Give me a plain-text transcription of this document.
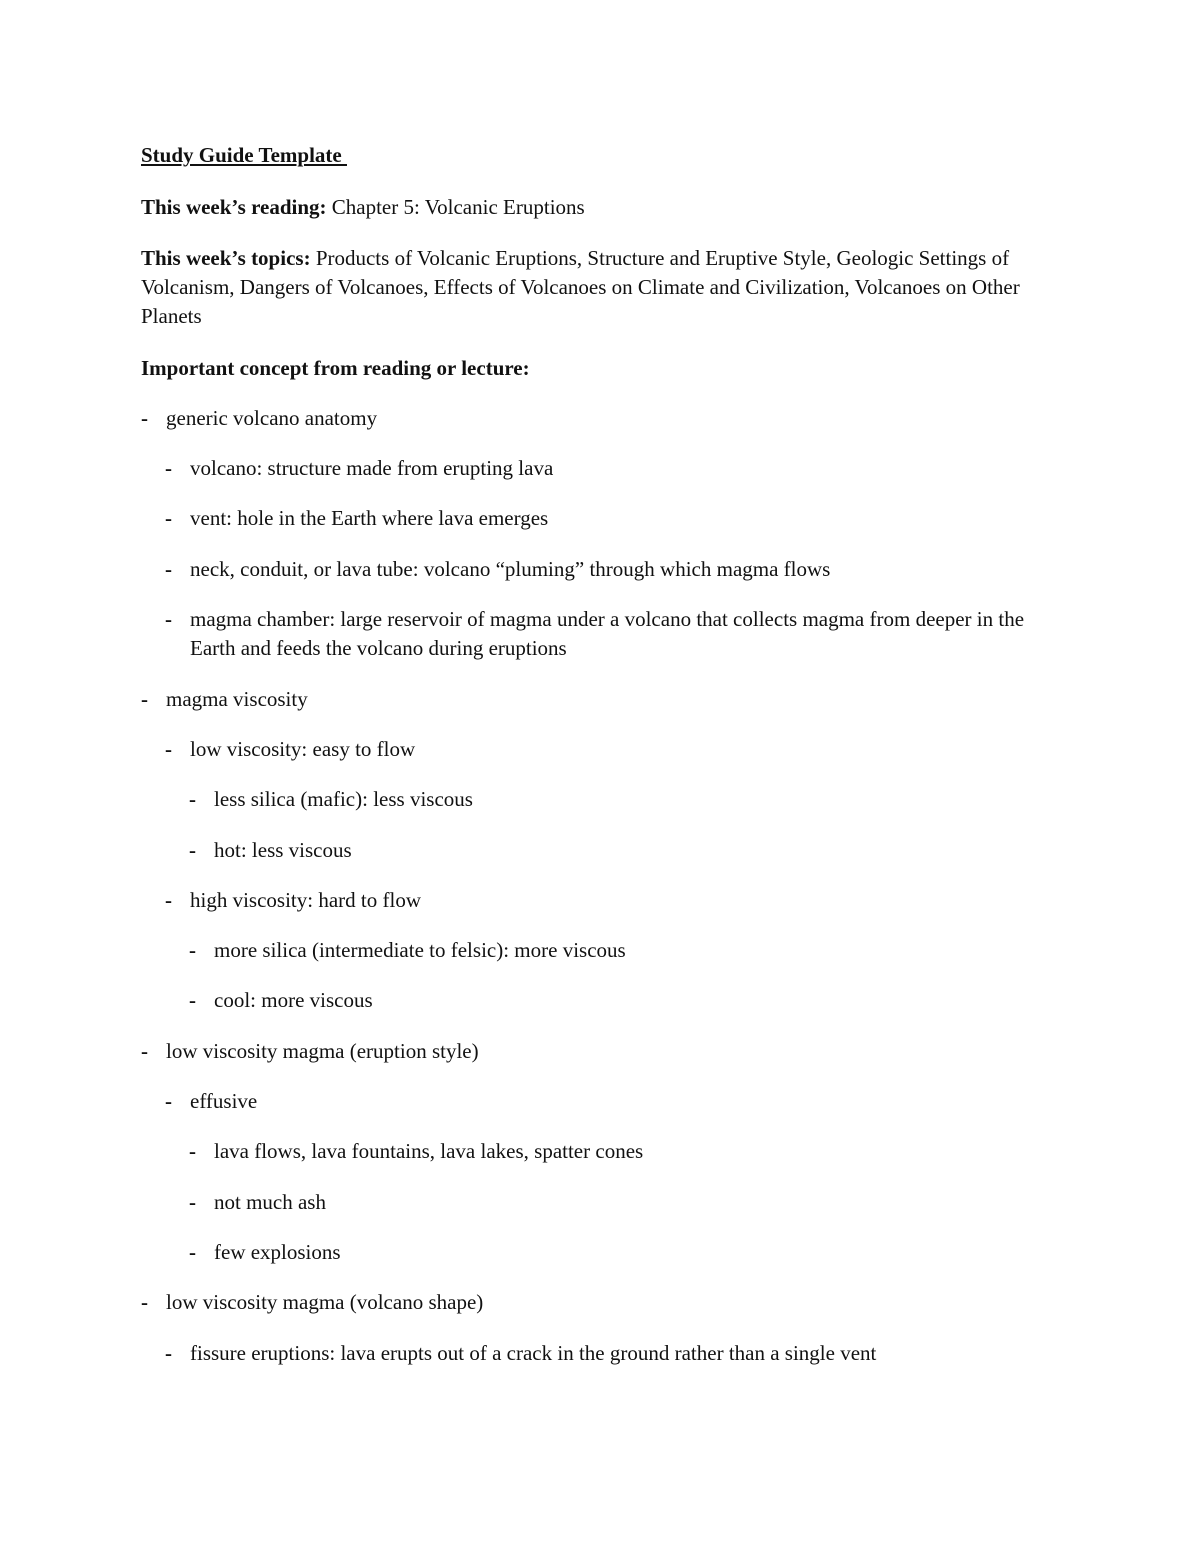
Study Guide Template
This week’s reading: Chapter 5: Volcanic Eruptions
This week’s topics: Products of Volcanic Eruptions, Structure and Eruptive Style, Geologic Settings of Volcanism, Dangers of Volcanoes, Effects of Volcanoes on Climate and Civilization, Volcanoes on Other Planets
Important concept from reading or lecture:
- generic volcano anatomy
- volcano: structure made from erupting lava
- vent: hole in the Earth where lava emerges
- neck, conduit, or lava tube: volcano “pluming” through which magma flows
- magma chamber: large reservoir of magma under a volcano that collects magma from deeper in the Earth and feeds the volcano during eruptions
- magma viscosity
- low viscosity: easy to flow
- less silica (mafic): less viscous
- hot: less viscous
- high viscosity: hard to flow
- more silica (intermediate to felsic): more viscous
- cool: more viscous
- low viscosity magma (eruption style)
- effusive
- lava flows, lava fountains, lava lakes, spatter cones
- not much ash
- few explosions
- low viscosity magma (volcano shape)
- fissure eruptions: lava erupts out of a crack in the ground rather than a single vent
